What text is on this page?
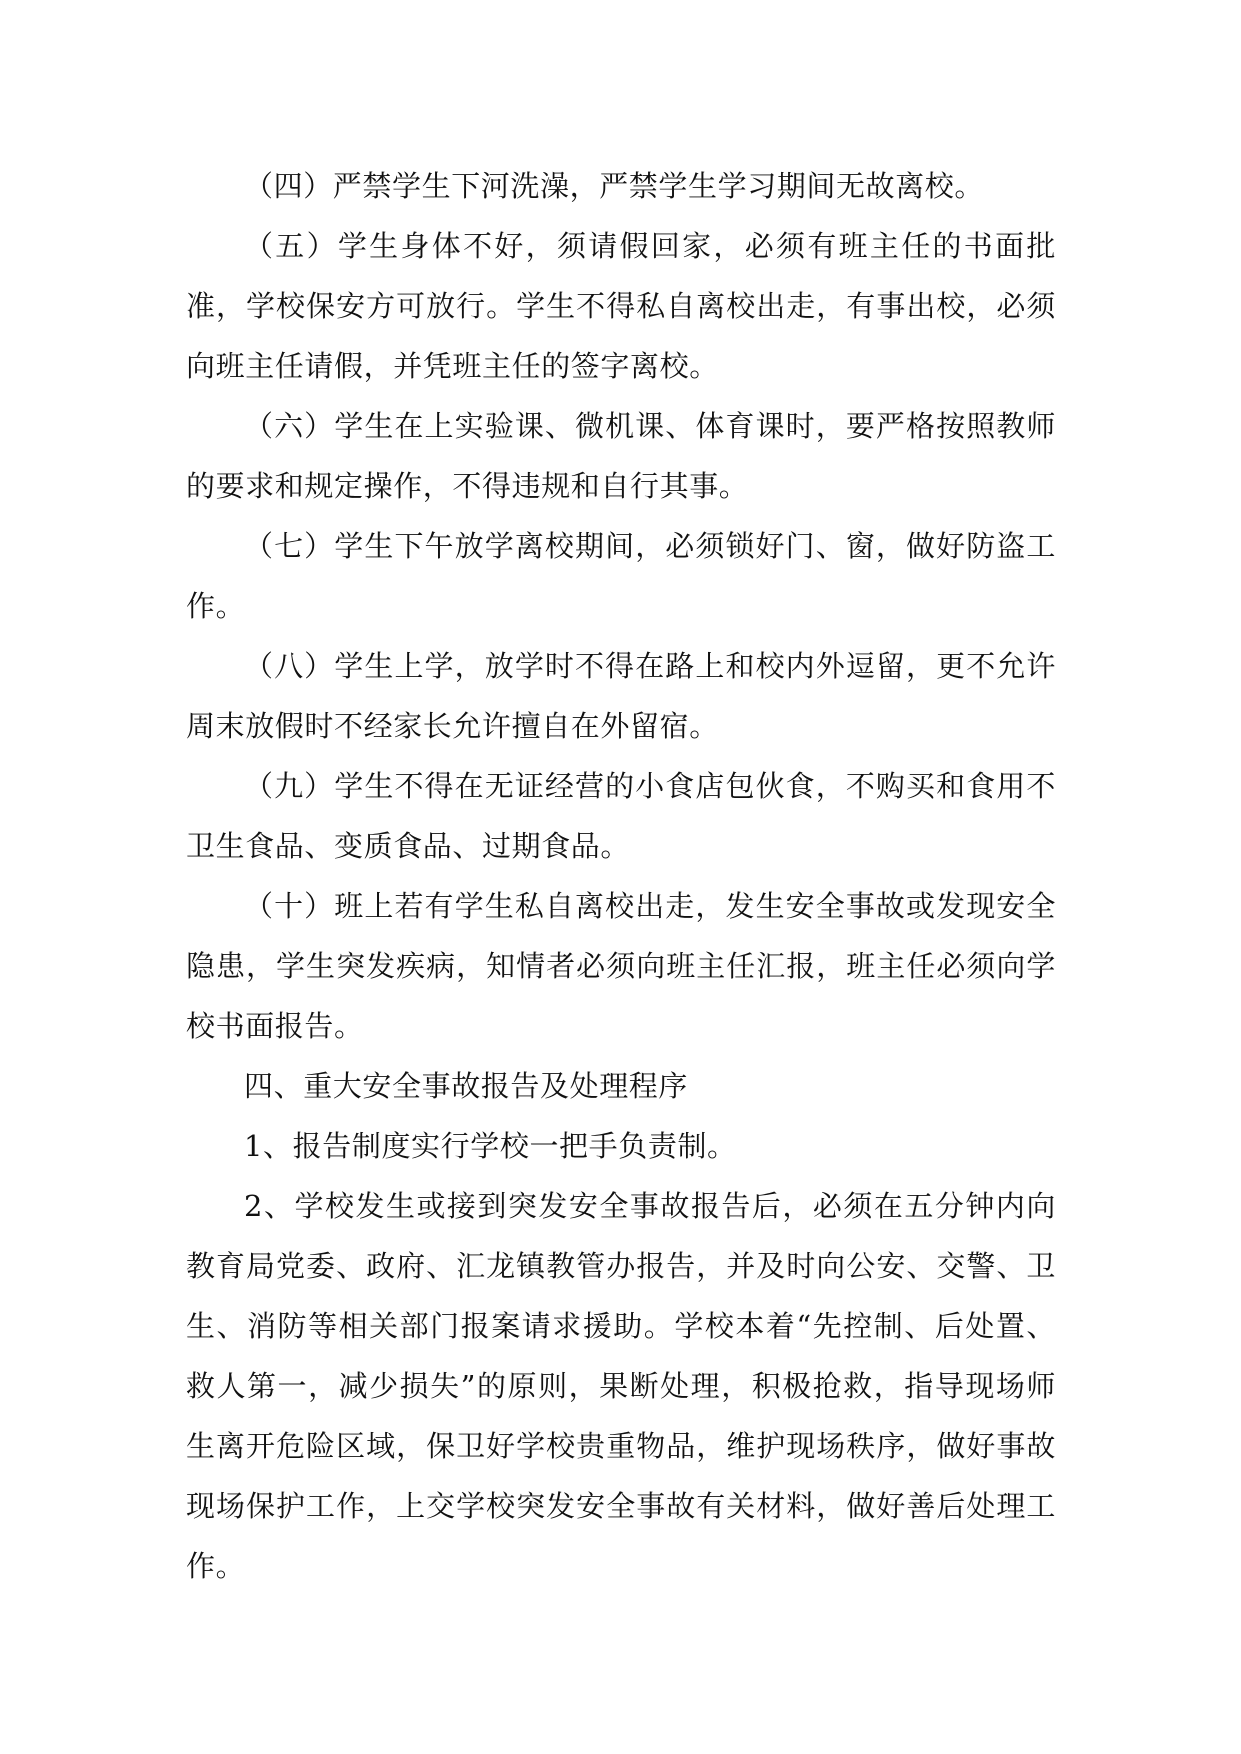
（四）严禁学生下河洗澡，严禁学生学习期间无故离校。

（五）学生身体不好，须请假回家，必须有班主任的书面批准，学校保安方可放行。学生不得私自离校出走，有事出校，必须向班主任请假，并凭班主任的签字离校。

（六）学生在上实验课、微机课、体育课时，要严格按照教师的要求和规定操作，不得违规和自行其事。

（七）学生下午放学离校期间，必须锁好门、窗，做好防盗工作。

（八）学生上学，放学时不得在路上和校内外逗留，更不允许周末放假时不经家长允许擅自在外留宿。

（九）学生不得在无证经营的小食店包伙食，不购买和食用不卫生食品、变质食品、过期食品。

（十）班上若有学生私自离校出走，发生安全事故或发现安全隐患，学生突发疾病，知情者必须向班主任汇报，班主任必须向学校书面报告。

四、重大安全事故报告及处理程序

1、报告制度实行学校一把手负责制。

2、学校发生或接到突发安全事故报告后，必须在五分钟内向教育局党委、政府、汇龙镇教管办报告，并及时向公安、交警、卫生、消防等相关部门报案请求援助。学校本着“先控制、后处置、救人第一，减少损失”的原则，果断处理，积极抢救，指导现场师生离开危险区域，保卫好学校贵重物品，维护现场秩序，做好事故现场保护工作，上交学校突发安全事故有关材料，做好善后处理工作。
